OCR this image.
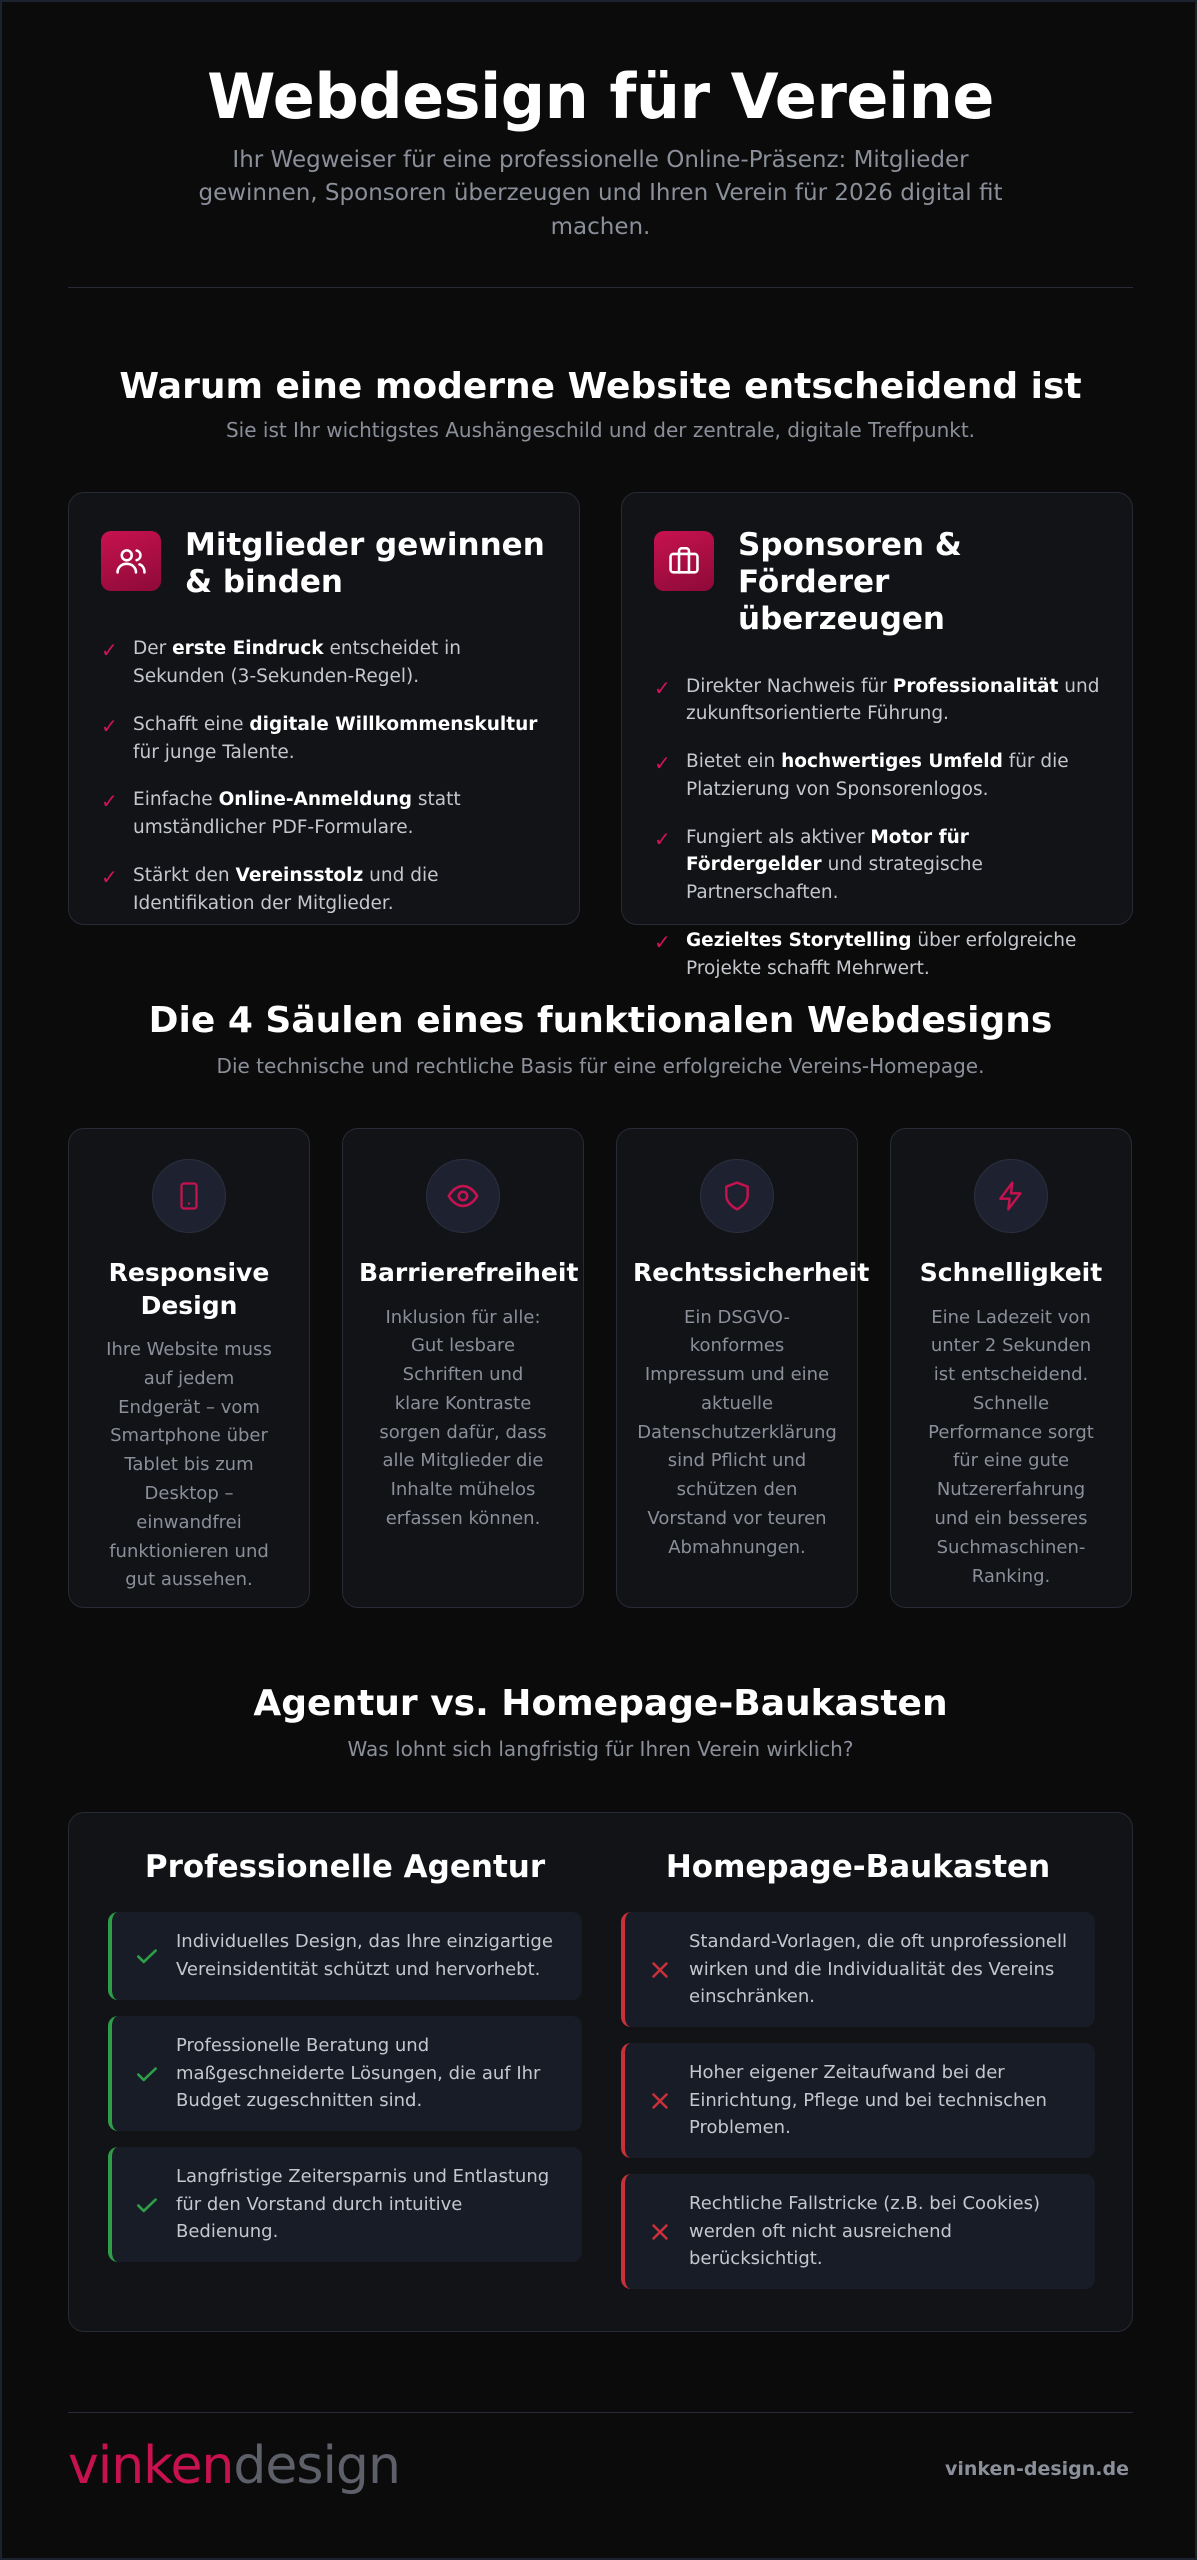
Webdesign für Vereine

Ihr Wegweiser für eine professionelle Online-Präsenz: Mitglieder gewinnen, Sponsoren überzeugen und Ihren Verein für 2026 digital fit machen.

Warum eine moderne Website entscheidend ist

Sie ist Ihr wichtigstes Aushängeschild und der zentrale, digitale Treffpunkt.

Mitglieder gewinnen & binden
✓ Der erste Eindruck entscheidet in Sekunden (3-Sekunden-Regel).
✓ Schafft eine digitale Willkommenskultur für junge Talente.
✓ Einfache Online-Anmeldung statt umständlicher PDF-Formulare.
✓ Stärkt den Vereinsstolz und die Identifikation der Mitglieder.
Sponsoren & Förderer überzeugen
✓ Direkter Nachweis für Professionalität und zukunftsorientierte Führung.
✓ Bietet ein hochwertiges Umfeld für die Platzierung von Sponsorenlogos.
✓ Fungiert als aktiver Motor für Fördergelder und strategische Partnerschaften.
✓ Gezieltes Storytelling über erfolgreiche Projekte schafft Mehrwert.
Die 4 Säulen eines funktionalen Webdesigns

Die technische und rechtliche Basis für eine erfolgreiche Vereins-Homepage.

Responsive Design

Ihre Website muss auf jedem Endgerät – vom Smartphone über Tablet bis zum Desktop – einwandfrei funktionieren und gut aussehen.

Barrierefreiheit

Inklusion für alle: Gut lesbare Schriften und klare Kontraste sorgen dafür, dass alle Mitglieder die Inhalte mühelos erfassen können.

Rechtssicherheit

Ein DSGVO-konformes Impressum und eine aktuelle Datenschutzerklärung sind Pflicht und schützen den Vorstand vor teuren Abmahnungen.

Schnelligkeit

Eine Ladezeit von unter 2 Sekunden ist entscheidend. Schnelle Performance sorgt für eine gute Nutzererfahrung und ein besseres Suchmaschinen-Ranking.

Agentur vs. Homepage-Baukasten

Was lohnt sich langfristig für Ihren Verein wirklich?

Professionelle Agentur	Homepage-Baukasten
Individuelles Design, das Ihre einzigartige Vereinsidentität schützt und hervorhebt.
Professionelle Beratung und maßgeschneiderte Lösungen, die auf Ihr Budget zugeschnitten sind.
Langfristige Zeitersparnis und Entlastung für den Vorstand durch intuitive Bedienung.
Standard-Vorlagen, die oft unprofessionell wirken und die Individualität des Vereins einschränken.
Hoher eigener Zeitaufwand bei der Einrichtung, Pflege und bei technischen Problemen.
Rechtliche Fallstricke (z.B. bei Cookies) werden oft nicht ausreichend berücksichtigt.
vinkendesign	vinken-design.de
